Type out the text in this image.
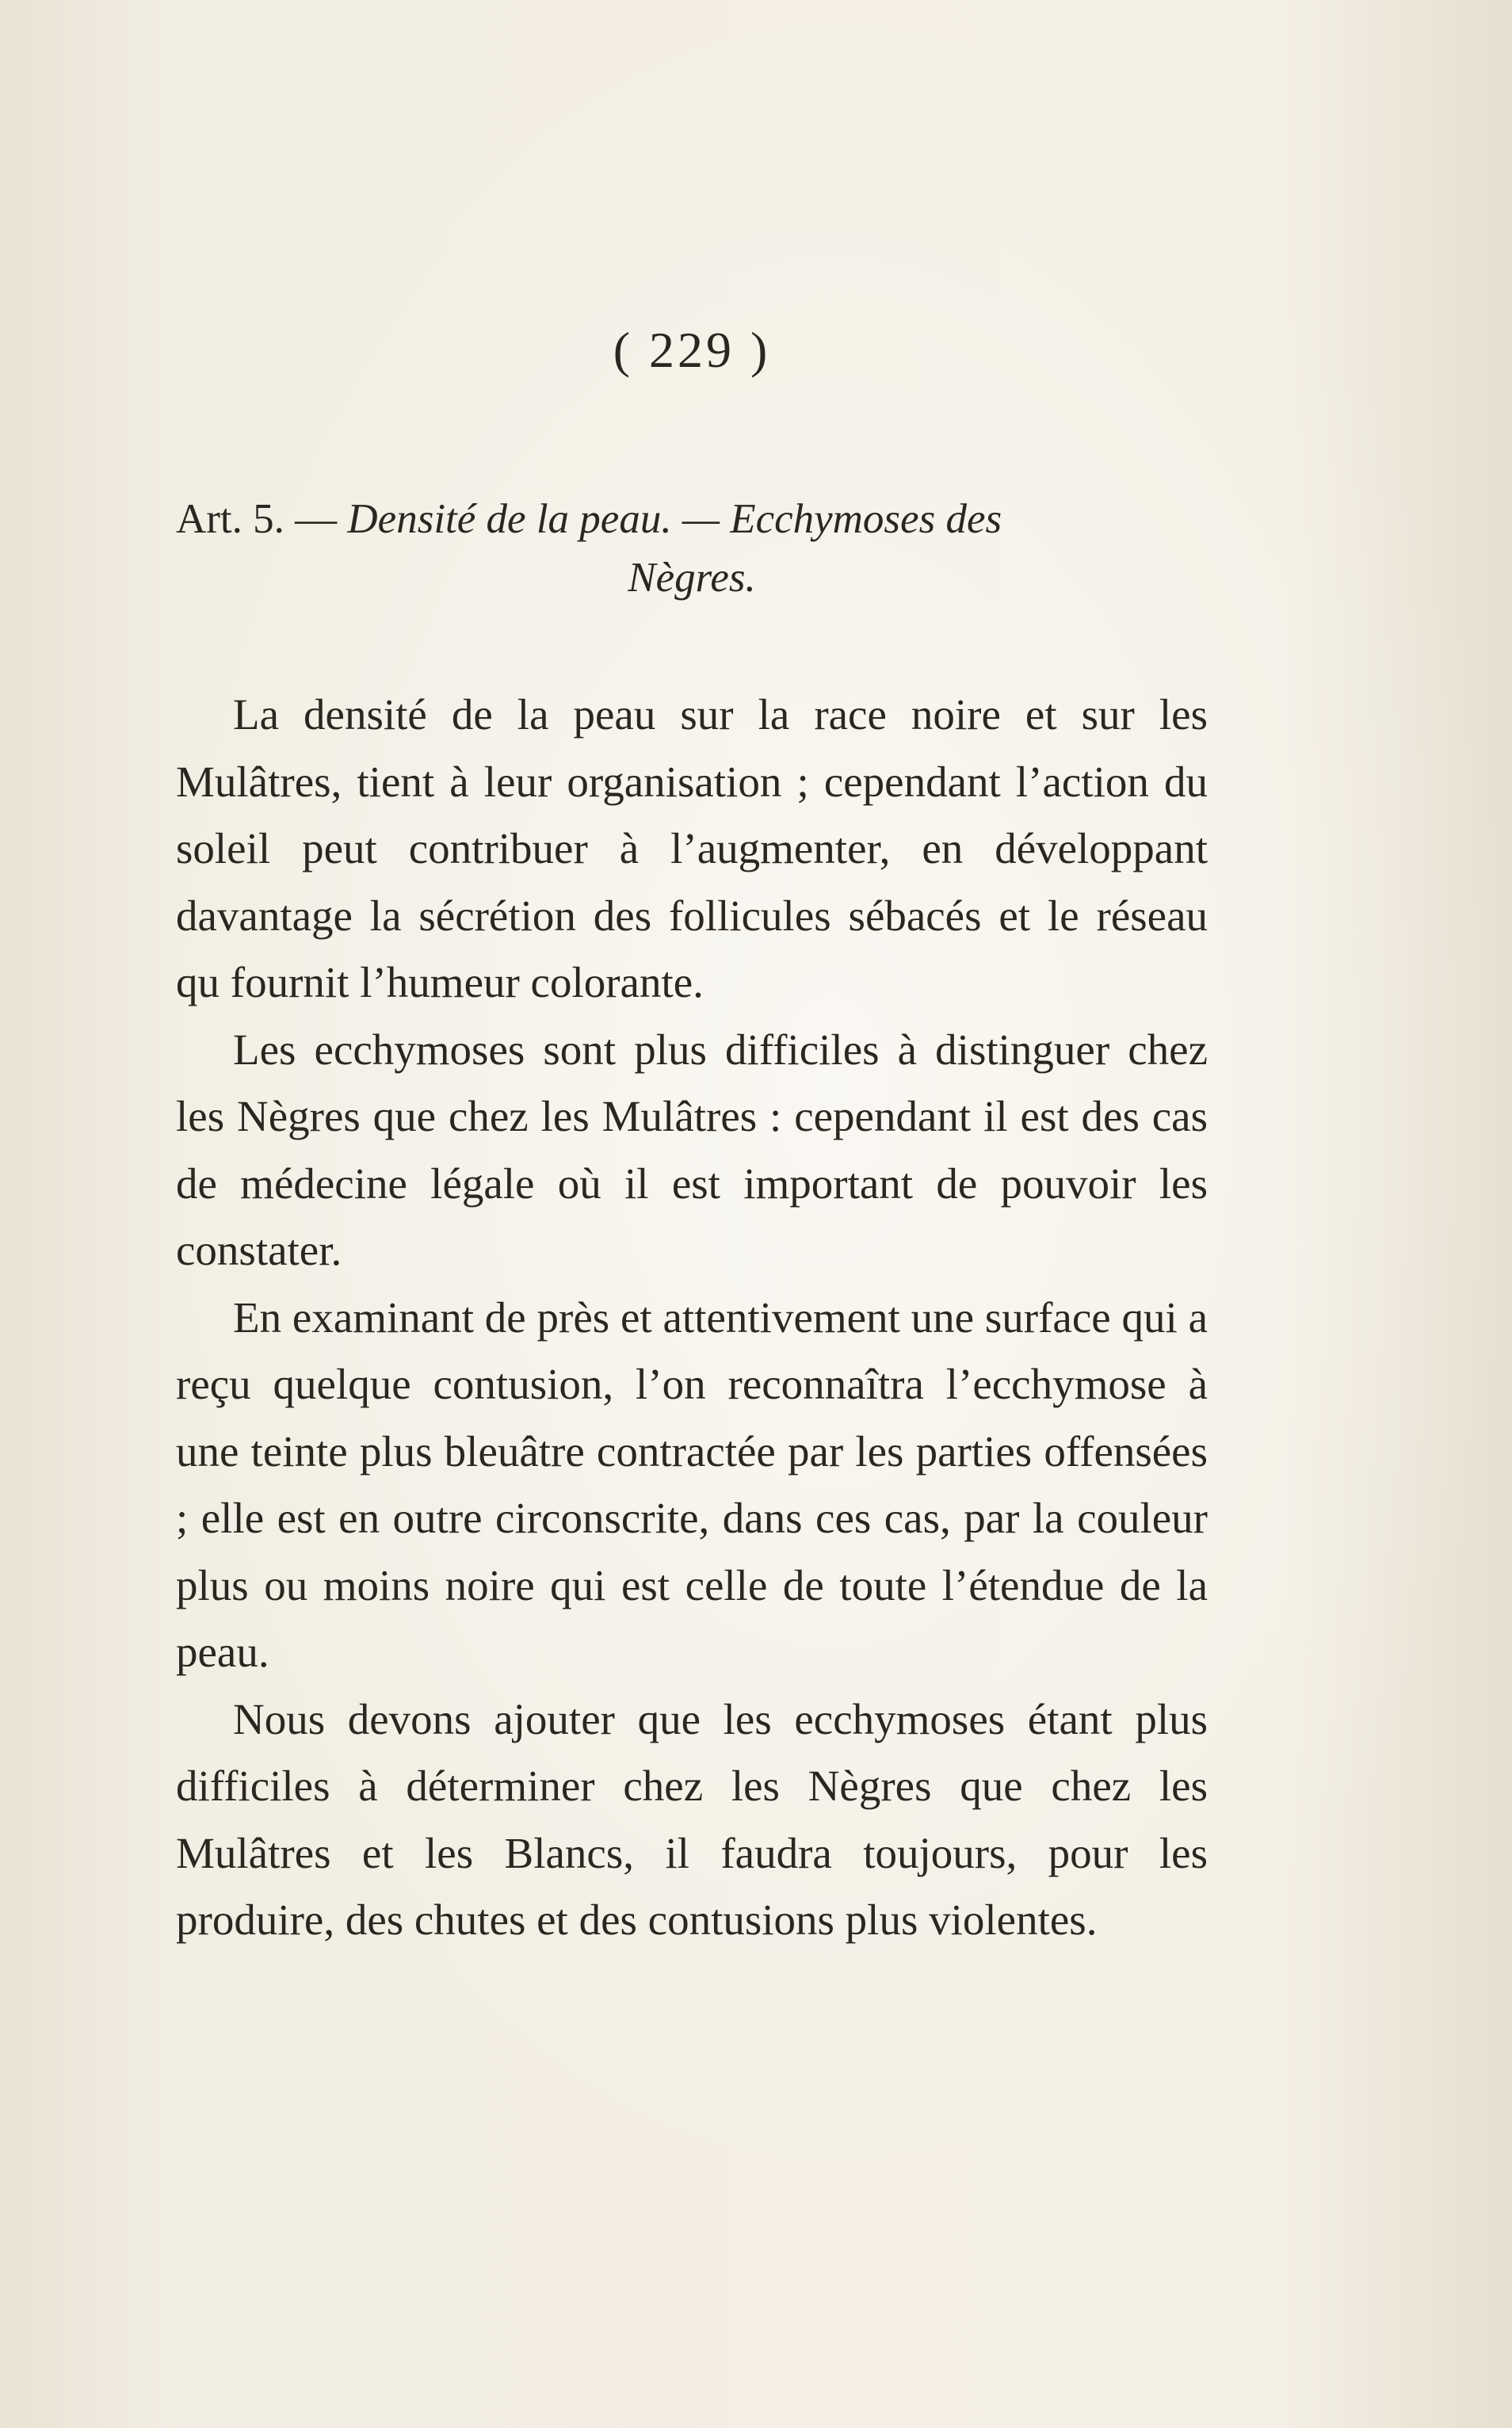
( 229 )
Art. 5. — Densité de la peau. — Ecchymoses des
Nègres.

La densité de la peau sur la race noire et sur les Mulâtres, tient à leur organisation ; cependant l’action du soleil peut contribuer à l’augmenter, en développant davantage la sécrétion des follicules sébacés et le réseau qu fournit l’humeur colorante.

Les ecchymoses sont plus difficiles à distinguer chez les Nègres que chez les Mulâtres : cependant il est des cas de médecine légale où il est important de pouvoir les constater.

En examinant de près et attentivement une surface qui a reçu quelque contusion, l’on reconnaîtra l’ecchymose à une teinte plus bleuâtre contractée par les parties offensées ; elle est en outre circonscrite, dans ces cas, par la couleur plus ou moins noire qui est celle de toute l’étendue de la peau.

Nous devons ajouter que les ecchymoses étant plus difficiles à déterminer chez les Nègres que chez les Mulâtres et les Blancs, il faudra toujours, pour les produire, des chutes et des contusions plus violentes.
